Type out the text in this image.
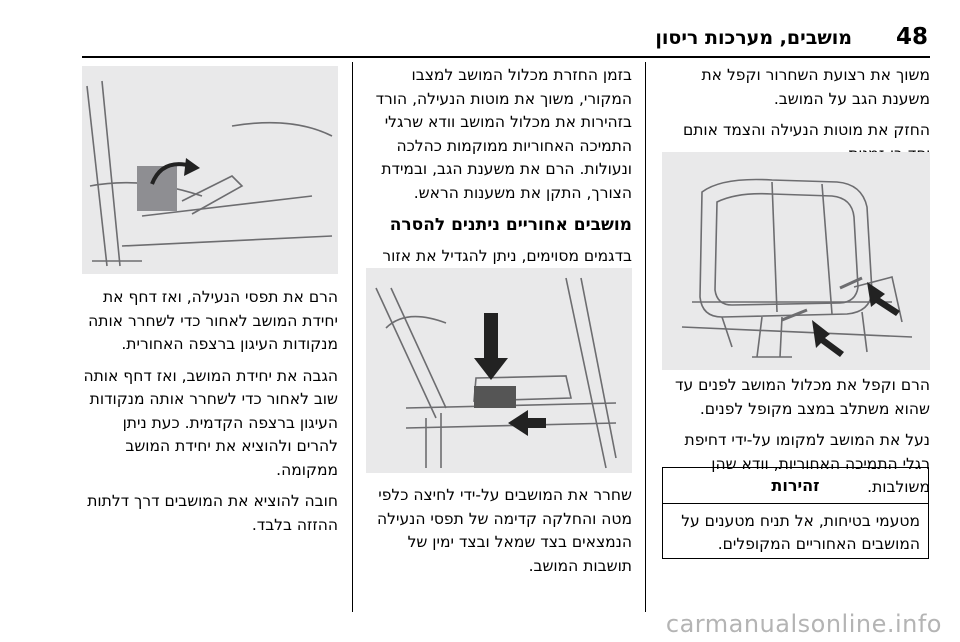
48
מושבים, מערכות ריסון

משוך את רצועת השחרור וקפל את משענת הגב על המושב.

החזק את מוטות הנעילה והצמד אותם

הרם וקפל את מכלול המושב לפנים עד שהוא משתלב במצב מקופל לפנים.

נעל את המושב למקומו על-ידי דחיפת רגלי התמיכה האחוריות, וודא שהן משולבות.

זהירות
מטעמי בטיחות, אל תניח מטענים על המושבים האחוריים המקופלים.

בזמן החזרת מכלול המושב למצבו המקורי, משוך את מוטות הנעילה, הורד בזהירות את מכלול המושב וודא שרגלי התמיכה האחוריות ממוקמות כהלכה ונעולות. הרם את משענת הגב, ובמידת הצורך, התקן את משענות הראש.

מושבים אחוריים ניתנים להסרה

בדגמים מסוימים, ניתן להגדיל את אזור

שחרר את המושבים על-ידי לחיצה כלפי מטה והחלקה קדימה של תפסי הנעילה הנמצאים בצד שמאל ובצד ימין של תושבות המושב.

הרם את תפסי הנעילה, ואז דחף את יחידת המושב לאחור כדי לשחרר אותה מנקודות העיגון ברצפה האחורית.

הגבה את יחידת המושב, ואז דחף אותה שוב לאחור כדי לשחרר אותה מנקודות העיגון ברצפה הקדמית. כעת ניתן להרים ולהוציא את יחידת המושב ממקומה.

חובה להוציא את המושבים דרך דלתות ההזזה בלבד.

carmanualsonline.info
